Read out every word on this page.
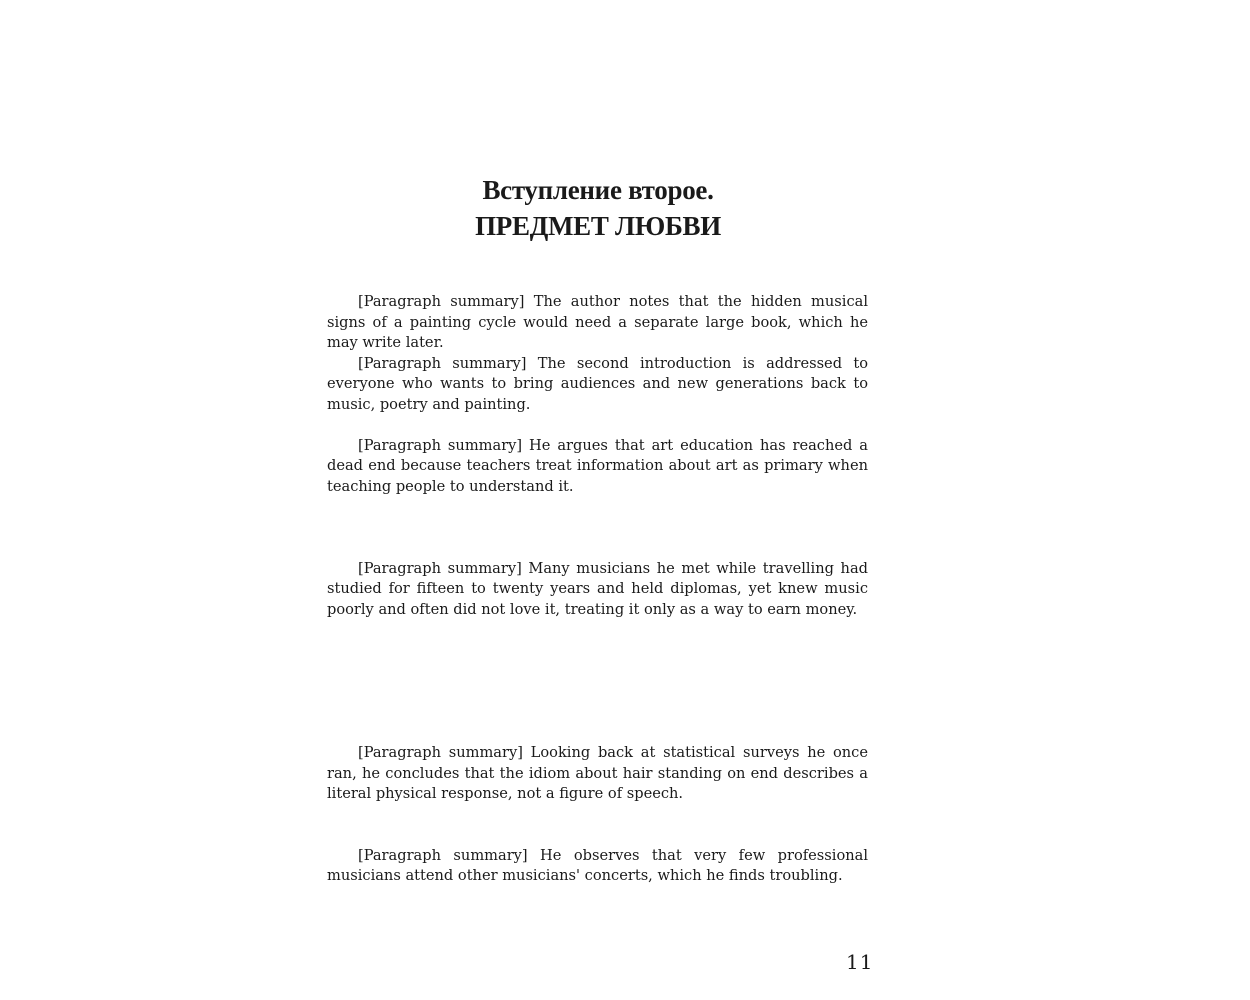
Вступление второе.
ПРЕДМЕТ ЛЮБВИ

[Paragraph summary] The author notes that the hidden musical signs of a painting cycle would need a separate large book, which he may write later.

[Paragraph summary] The second introduction is addressed to everyone who wants to bring audiences and new generations back to music, poetry and painting.

[Paragraph summary] He argues that art education has reached a dead end because teachers treat information about art as primary when teaching people to understand it.

[Paragraph summary] Many musicians he met while travelling had studied for fifteen to twenty years and held diplomas, yet knew music poorly and often did not love it, treating it only as a way to earn money.

[Paragraph summary] Looking back at statistical surveys he once ran, he concludes that the idiom about hair standing on end describes a literal physical response, not a figure of speech.

[Paragraph summary] He observes that very few professional musicians attend other musicians' concerts, which he finds troubling.

11
